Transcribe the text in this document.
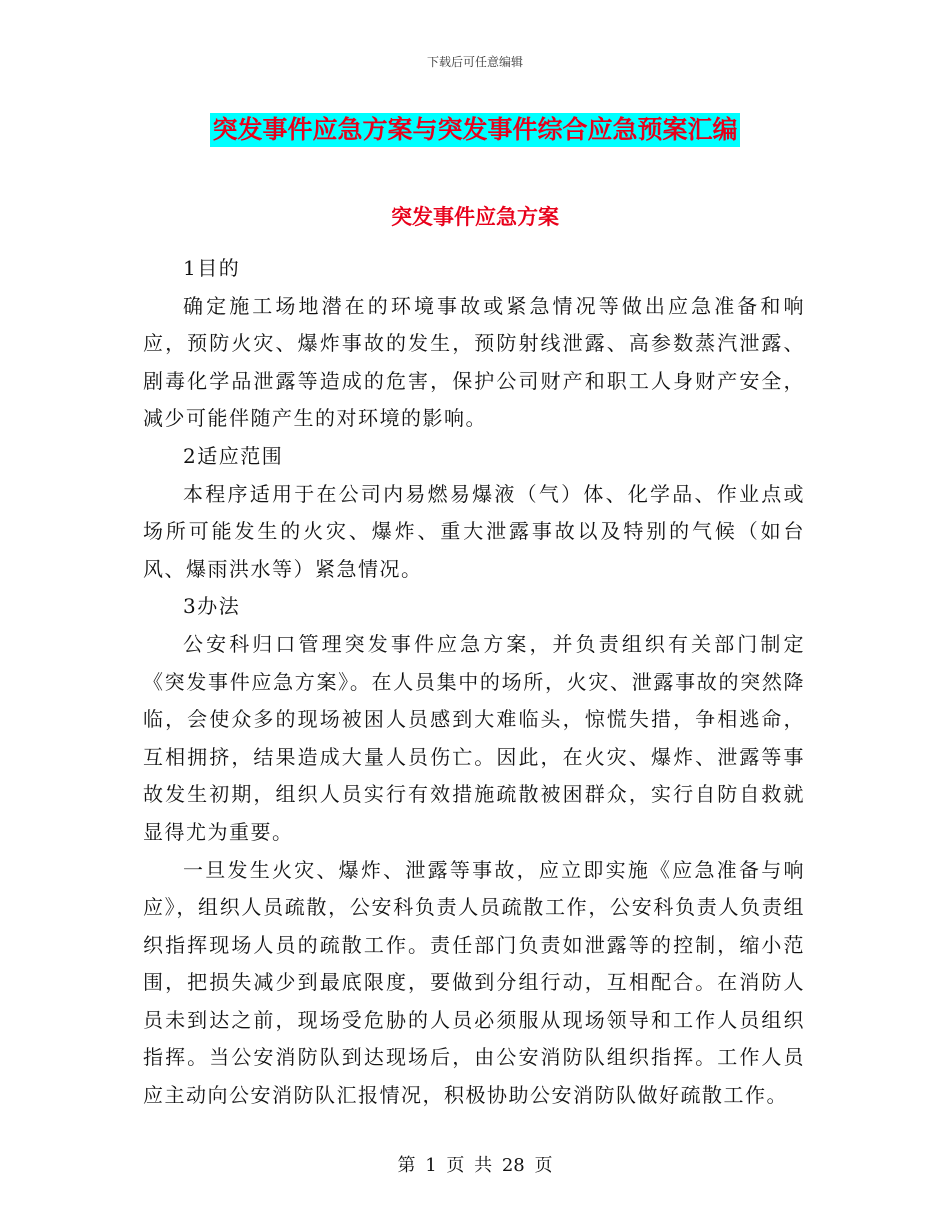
下载后可任意编辑
突发事件应急方案与突发事件综合应急预案汇编
突发事件应急方案

1目的

确定施工场地潜在的环境事故或紧急情况等做出应急准备和响应，预防火灾、爆炸事故的发生，预防射线泄露、高参数蒸汽泄露、剧毒化学品泄露等造成的危害，保护公司财产和职工人身财产安全，减少可能伴随产生的对环境的影响。

2适应范围

本程序适用于在公司内易燃易爆液（气）体、化学品、作业点或场所可能发生的火灾、爆炸、重大泄露事故以及特别的气候（如台风、爆雨洪水等）紧急情况。

3办法

公安科归口管理突发事件应急方案，并负责组织有关部门制定《突发事件应急方案》。在人员集中的场所，火灾、泄露事故的突然降临，会使众多的现场被困人员感到大难临头，惊慌失措，争相逃命，互相拥挤，结果造成大量人员伤亡。因此，在火灾、爆炸、泄露等事故发生初期，组织人员实行有效措施疏散被困群众，实行自防自救就显得尤为重要。

一旦发生火灾、爆炸、泄露等事故，应立即实施《应急准备与响应》，组织人员疏散，公安科负责人员疏散工作，公安科负责人负责组织指挥现场人员的疏散工作。责任部门负责如泄露等的控制，缩小范围，把损失减少到最底限度，要做到分组行动，互相配合。在消防人员未到达之前，现场受危胁的人员必须服从现场领导和工作人员组织指挥。当公安消防队到达现场后，由公安消防队组织指挥。工作人员应主动向公安消防队汇报情况，积极协助公安消防队做好疏散工作。

第 1 页 共 28 页
